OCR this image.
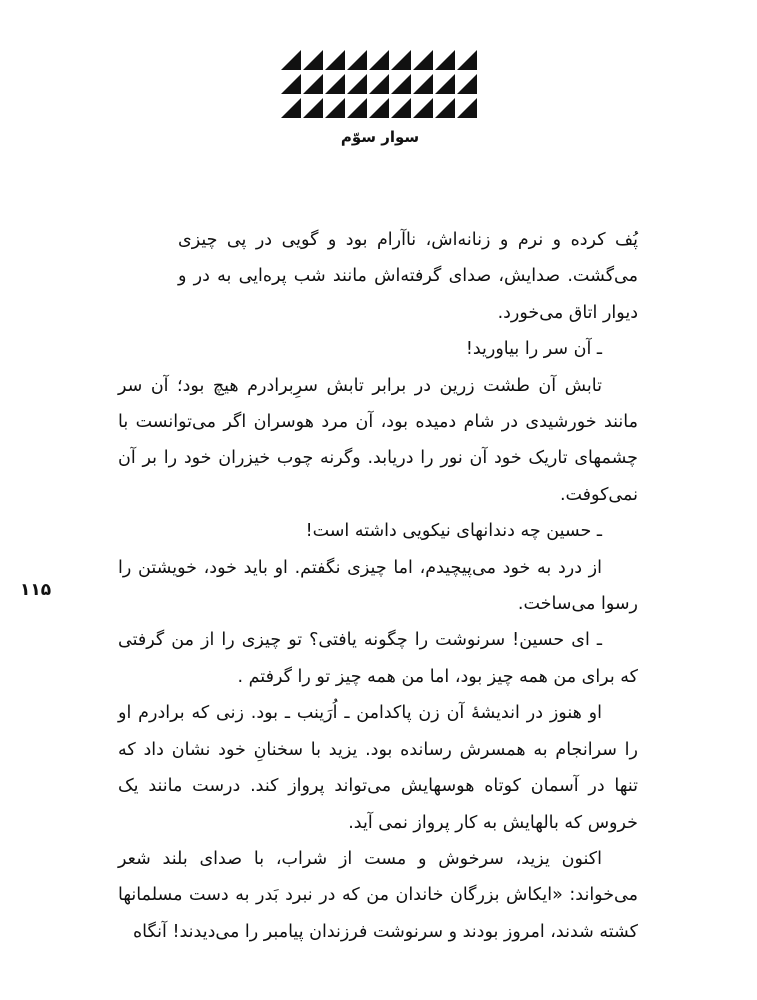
سوار سوّم
۱۱۵

پُف کرده و نرم و زنانه‌اش، ناآرام بود و گویی در پی چیزی می‌گشت. صدایش، صدای گرفته‌اش مانند شب پره‌ایی به در و دیوار اتاق می‌خورد.

ـ آن سر را بیاورید!

تابش آن طشت زرین در برابر تابش سرِبرادرم هیچ بود؛ آن سر مانند خورشیدی در شام دمیده بود، آن مرد هوسران اگر می‌توانست با چشمهای تاریک خود آن نور را دریابد. وگرنه چوب خیزران خود را بر آن نمی‌کوفت.

ـ حسین چه دندانهای نیکویی داشته است!

از درد به خود می‌پیچیدم، اما چیزی نگفتم. او باید خود، خویشتن را رسوا می‌ساخت.

ـ ای حسین! سرنوشت را چگونه یافتی؟ تو چیزی را از من گرفتی که برای من همه چیز بود، اما من همه چیز تو را گرفتم .

او هنوز در اندیشهٔ آن زن پاکدامن ـ اُرَینب ـ بود. زنی که برادرم او را سرانجام به همسرش رسانده بود. یزید با سخنانِ خود نشان داد که تنها در آسمان کوتاه هوسهایش می‌تواند پرواز کند. درست مانند یک خروس که بالهایش به کار پرواز نمی آید.

اکنون یزید، سرخوش و مست از شراب، با صدای بلند شعر می‌خواند: «ایکاش بزرگان خاندان من که در نبرد بَدر به دست مسلمانها کشته شدند، امروز بودند و سرنوشت فرزندان پیامبر را می‌دیدند! آنگاه
